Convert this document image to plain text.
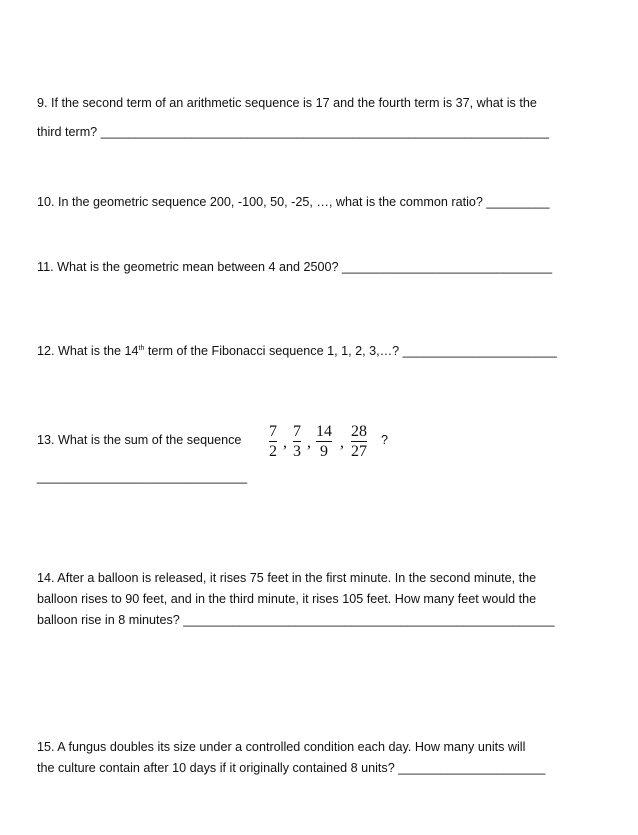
9. If the second term of an arithmetic sequence is 17 and the fourth term is 37, what is the
third term? ________________________________________________________________
10. In the geometric sequence 200, -100, 50, -25, …, what is the common ratio? _________
11. What is the geometric mean between 4 and 2500? ______________________________
12. What is the 14th term of the Fibonacci sequence 1, 1, 2, 3,…? ______________________
13. What is the sum of the sequence	7
2
,
7
3
,
14
9
,
28
27
?
______________________________
14. After a balloon is released, it rises 75 feet in the first minute. In the second minute, the
balloon rises to 90 feet, and in the third minute, it rises 105 feet. How many feet would the
balloon rise in 8 minutes? _____________________________________________________
15. A fungus doubles its size under a controlled condition each day. How many units will
the culture contain after 10 days if it originally contained 8 units? _____________________
